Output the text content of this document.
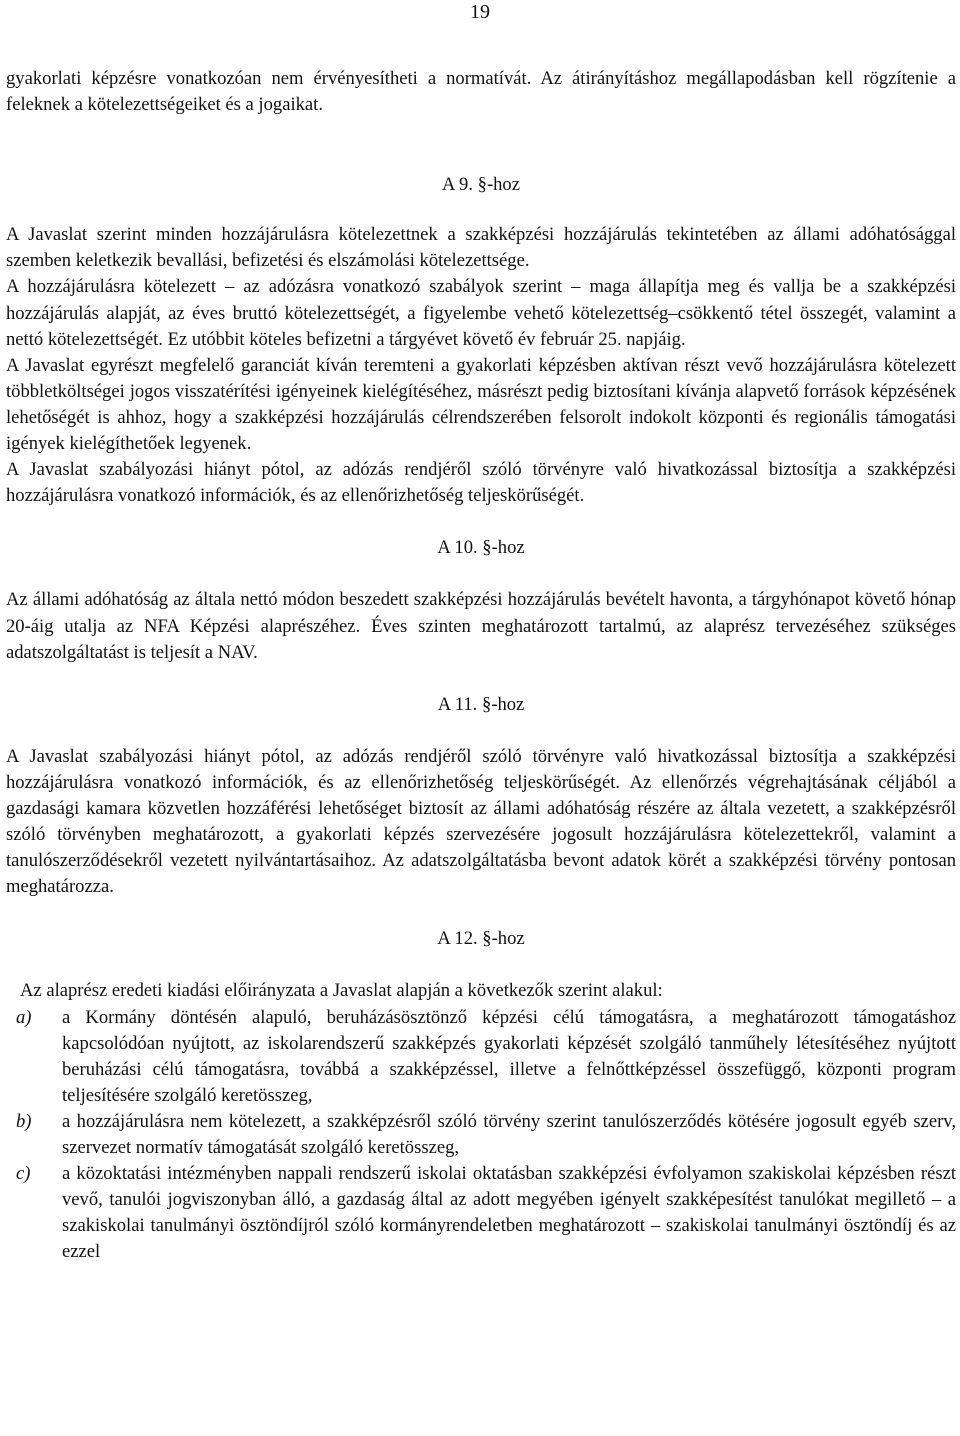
19

gyakorlati képzésre vonatkozóan nem érvényesítheti a normatívát. Az átirányításhoz megállapodásban kell rögzítenie a feleknek a kötelezettségeiket és a jogaikat.

A 9. §-hoz

A Javaslat szerint minden hozzájárulásra kötelezettnek a szakképzési hozzájárulás tekintetében az állami adóhatósággal szemben keletkezik bevallási, befizetési és elszámolási kötelezettsége.

A hozzájárulásra kötelezett – az adózásra vonatkozó szabályok szerint – maga állapítja meg és vallja be a szakképzési hozzájárulás alapját, az éves bruttó kötelezettségét, a figyelembe vehető kötelezettség–csökkentő tétel összegét, valamint a nettó kötelezettségét. Ez utóbbit köteles befizetni a tárgyévet követő év február 25. napjáig.

A Javaslat egyrészt megfelelő garanciát kíván teremteni a gyakorlati képzésben aktívan részt vevő hozzájárulásra kötelezett többletköltségei jogos visszatérítési igényeinek kielégítéséhez, másrészt pedig biztosítani kívánja alapvető források képzésének lehetőségét is ahhoz, hogy a szakképzési hozzájárulás célrendszerében felsorolt indokolt központi és regionális támogatási igények kielégíthetőek legyenek.

A Javaslat szabályozási hiányt pótol, az adózás rendjéről szóló törvényre való hivatkozással biztosítja a szakképzési hozzájárulásra vonatkozó információk, és az ellenőrizhetőség teljeskörűségét.

A 10. §-hoz

Az állami adóhatóság az általa nettó módon beszedett szakképzési hozzájárulás bevételt havonta, a tárgyhónapot követő hónap 20-áig utalja az NFA Képzési alaprészéhez. Éves szinten meghatározott tartalmú, az alaprész tervezéséhez szükséges adatszolgáltatást is teljesít a NAV.

A 11. §-hoz

A Javaslat szabályozási hiányt pótol, az adózás rendjéről szóló törvényre való hivatkozással biztosítja a szakképzési hozzájárulásra vonatkozó információk, és az ellenőrizhetőség teljeskörűségét. Az ellenőrzés végrehajtásának céljából a gazdasági kamara közvetlen hozzáférési lehetőséget biztosít az állami adóhatóság részére az általa vezetett, a szakképzésről szóló törvényben meghatározott, a gyakorlati képzés szervezésére jogosult hozzájárulásra kötelezettekről, valamint a tanulószerződésekről vezetett nyilvántartásaihoz. Az adatszolgáltatásba bevont adatok körét a szakképzési törvény pontosan meghatározza.

A 12. §-hoz

Az alaprész eredeti kiadási előirányzata a Javaslat alapján a következők szerint alakul:

a)	a Kormány döntésén alapuló, beruházásösztönző képzési célú támogatásra, a meghatározott támogatáshoz kapcsolódóan nyújtott, az iskolarendszerű szakképzés gyakorlati képzését szolgáló tanműhely létesítéséhez nyújtott beruházási célú támogatásra, továbbá a szakképzéssel, illetve a felnőttképzéssel összefüggő, központi program teljesítésére szolgáló keretösszeg,

b)	a hozzájárulásra nem kötelezett, a szakképzésről szóló törvény szerint tanulószerződés kötésére jogosult egyéb szerv, szervezet normatív támogatását szolgáló keretösszeg,

c)	a közoktatási intézményben nappali rendszerű iskolai oktatásban szakképzési évfolyamon szakiskolai képzésben részt vevő, tanulói jogviszonyban álló, a gazdaság által az adott megyében igényelt szakképesítést tanulókat megillető – a szakiskolai tanulmányi ösztöndíjról szóló kormányrendeletben meghatározott – szakiskolai tanulmányi ösztöndíj és az ezzel
